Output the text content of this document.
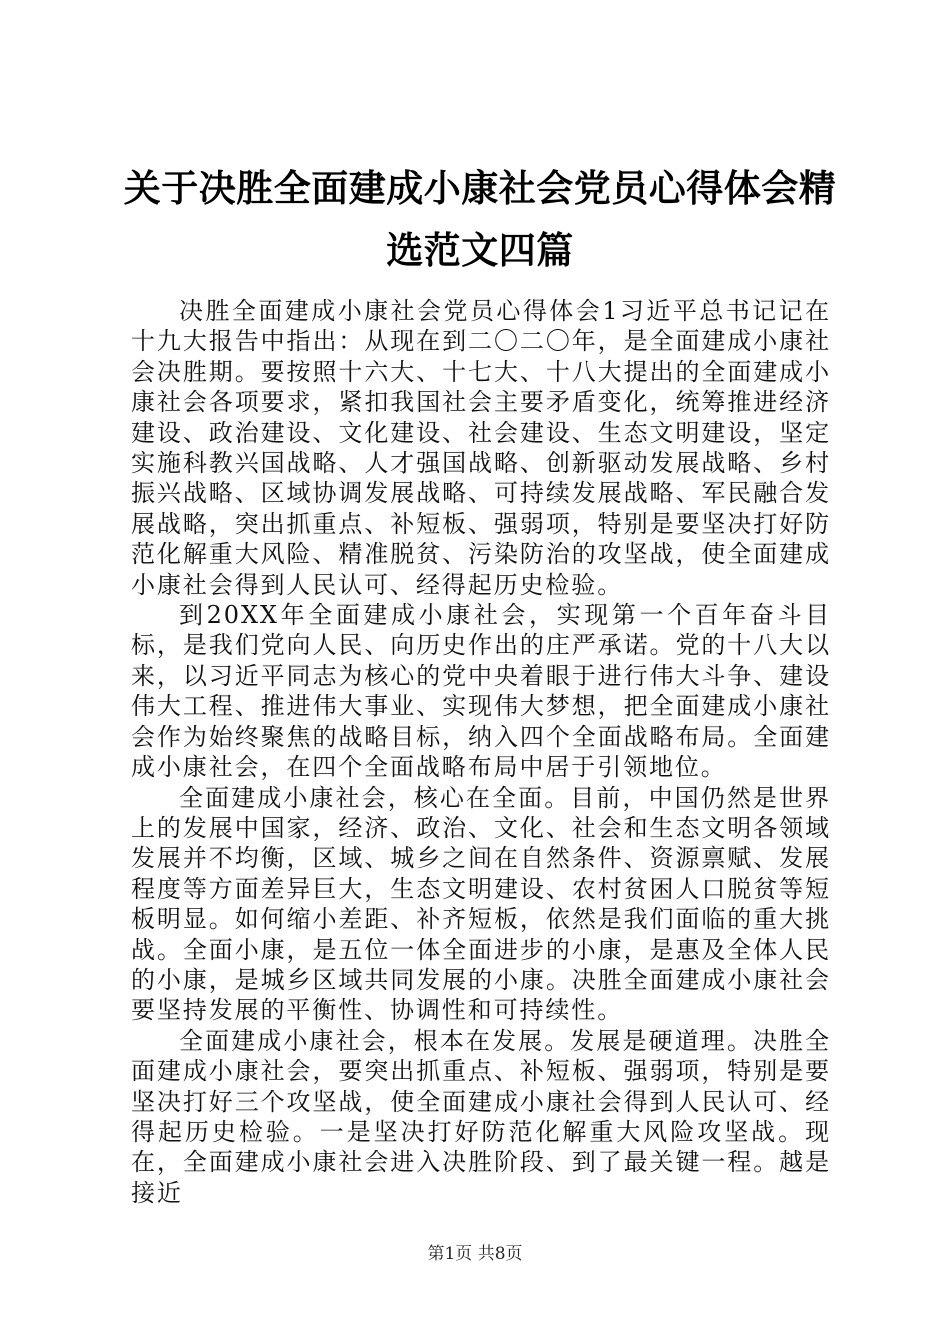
关于决胜全面建成小康社会党员心得体会精选范文四篇

决胜全面建成小康社会党员心得体会1习近平总书记记在十九大报告中指出：从现在到二〇二〇年，是全面建成小康社会决胜期。要按照十六大、十七大、十八大提出的全面建成小康社会各项要求，紧扣我国社会主要矛盾变化，统筹推进经济建设、政治建设、文化建设、社会建设、生态文明建设，坚定实施科教兴国战略、人才强国战略、创新驱动发展战略、乡村振兴战略、区域协调发展战略、可持续发展战略、军民融合发展战略，突出抓重点、补短板、强弱项，特别是要坚决打好防范化解重大风险、精准脱贫、污染防治的攻坚战，使全面建成小康社会得到人民认可、经得起历史检验。

到20XX年全面建成小康社会，实现第一个百年奋斗目标，是我们党向人民、向历史作出的庄严承诺。党的十八大以来，以习近平同志为核心的党中央着眼于进行伟大斗争、建设伟大工程、推进伟大事业、实现伟大梦想，把全面建成小康社会作为始终聚焦的战略目标，纳入四个全面战略布局。全面建成小康社会，在四个全面战略布局中居于引领地位。

全面建成小康社会，核心在全面。目前，中国仍然是世界上的发展中国家，经济、政治、文化、社会和生态文明各领域发展并不均衡，区域、城乡之间在自然条件、资源禀赋、发展程度等方面差异巨大，生态文明建设、农村贫困人口脱贫等短板明显。如何缩小差距、补齐短板，依然是我们面临的重大挑战。全面小康，是五位一体全面进步的小康，是惠及全体人民的小康，是城乡区域共同发展的小康。决胜全面建成小康社会要坚持发展的平衡性、协调性和可持续性。

全面建成小康社会，根本在发展。发展是硬道理。决胜全面建成小康社会，要突出抓重点、补短板、强弱项，特别是要坚决打好三个攻坚战，使全面建成小康社会得到人民认可、经得起历史检验。一是坚决打好防范化解重大风险攻坚战。现在，全面建成小康社会进入决胜阶段、到了最关键一程。越是接近

第1页 共8页
